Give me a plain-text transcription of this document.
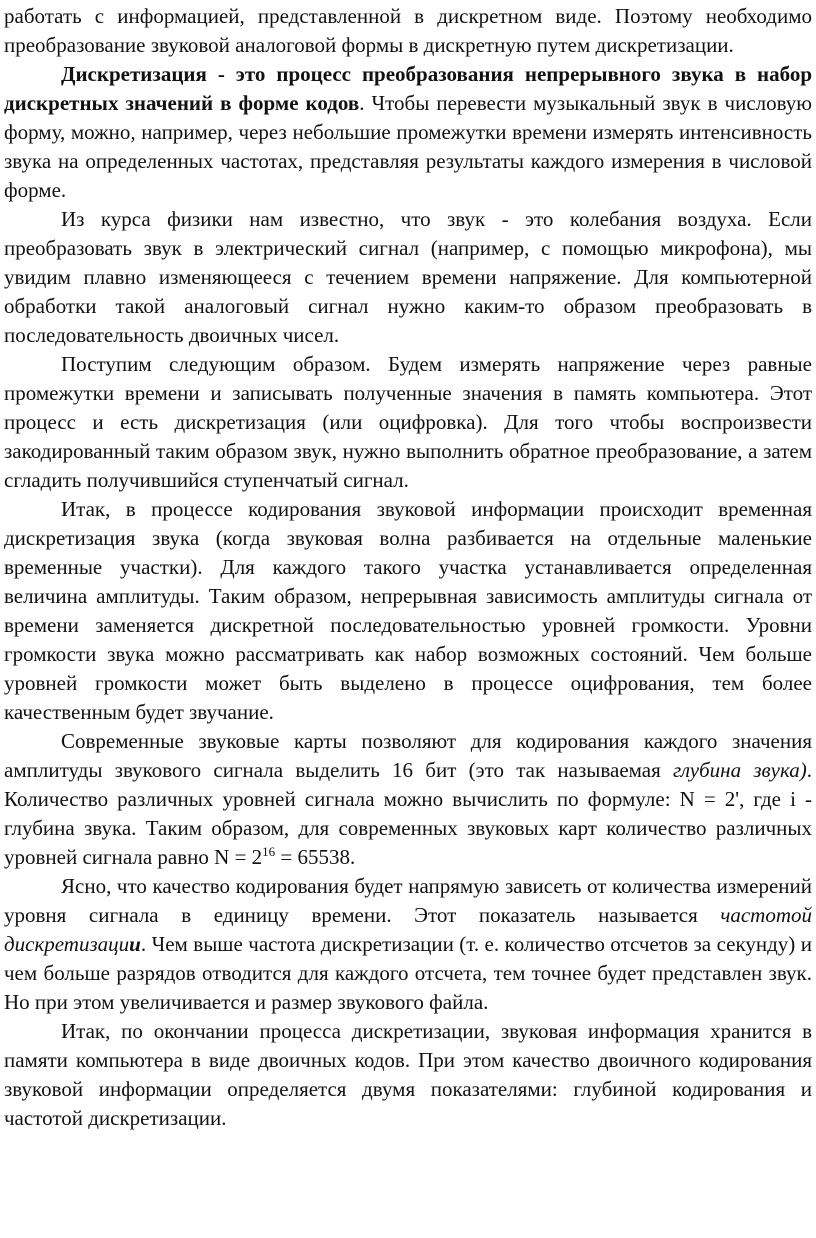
работать с информацией, представленной в дискретном виде. Поэтому необходимо преобразование звуковой аналоговой формы в дискретную путем дискретизации.

Дискретизация - это процесс преобразования непрерывного звука в набор дискретных значений в форме кодов. Чтобы перевести музыкальный звук в числовую форму, можно, например, через небольшие промежутки времени измерять интенсивность звука на определенных частотах, представляя результаты каждого измерения в числовой форме.

Из курса физики нам известно, что звук - это колебания воздуха. Если преобразовать звук в электрический сигнал (например, с помощью микрофона), мы увидим плавно изменяющееся с течением времени напряжение. Для компьютерной обработки такой аналоговый сигнал нужно каким-то образом преобразовать в последовательность двоичных чисел.

Поступим следующим образом. Будем измерять напряжение через равные промежутки времени и записывать полученные значения в память компьютера. Этот процесс и есть дискретизация (или оцифровка). Для того чтобы воспроизвести закодированный таким образом звук, нужно выполнить обратное преобразование, а затем сгладить получившийся ступенчатый сигнал.

Итак, в процессе кодирования звуковой информации происходит временная дискретизация звука (когда звуковая волна разбивается на отдельные маленькие временные участки). Для каждого такого участка устанавливается определенная величина амплитуды. Таким образом, непрерывная зависимость амплитуды сигнала от времени заменяется дискретной последовательностью уровней громкости. Уровни громкости звука можно рассматривать как набор возможных состояний. Чем больше уровней громкости может быть выделено в процессе оцифрования, тем более качественным будет звучание.

Современные звуковые карты позволяют для кодирования каждого значения амплитуды звукового сигнала выделить 16 бит (это так называемая глубина звука). Количество различных уровней сигнала можно вычислить по формуле: N = 2', где i - глубина звука. Таким образом, для современных звуковых карт количество различных уровней сигнала равно $N = 2^{16} = 65538$.

Ясно, что качество кодирования будет напрямую зависеть от количества измерений уровня сигнала в единицу времени. Этот показатель называется частотой дискретизации. Чем выше частота дискретизации (т. е. количество отсчетов за секунду) и чем больше разрядов отводится для каждого отсчета, тем точнее будет представлен звук. Но при этом увеличивается и размер звукового файла.

Итак, по окончании процесса дискретизации, звуковая информация хранится в памяти компьютера в виде двоичных кодов. При этом качество двоичного кодирования звуковой информации определяется двумя показателями: глубиной кодирования и частотой дискретизации.
